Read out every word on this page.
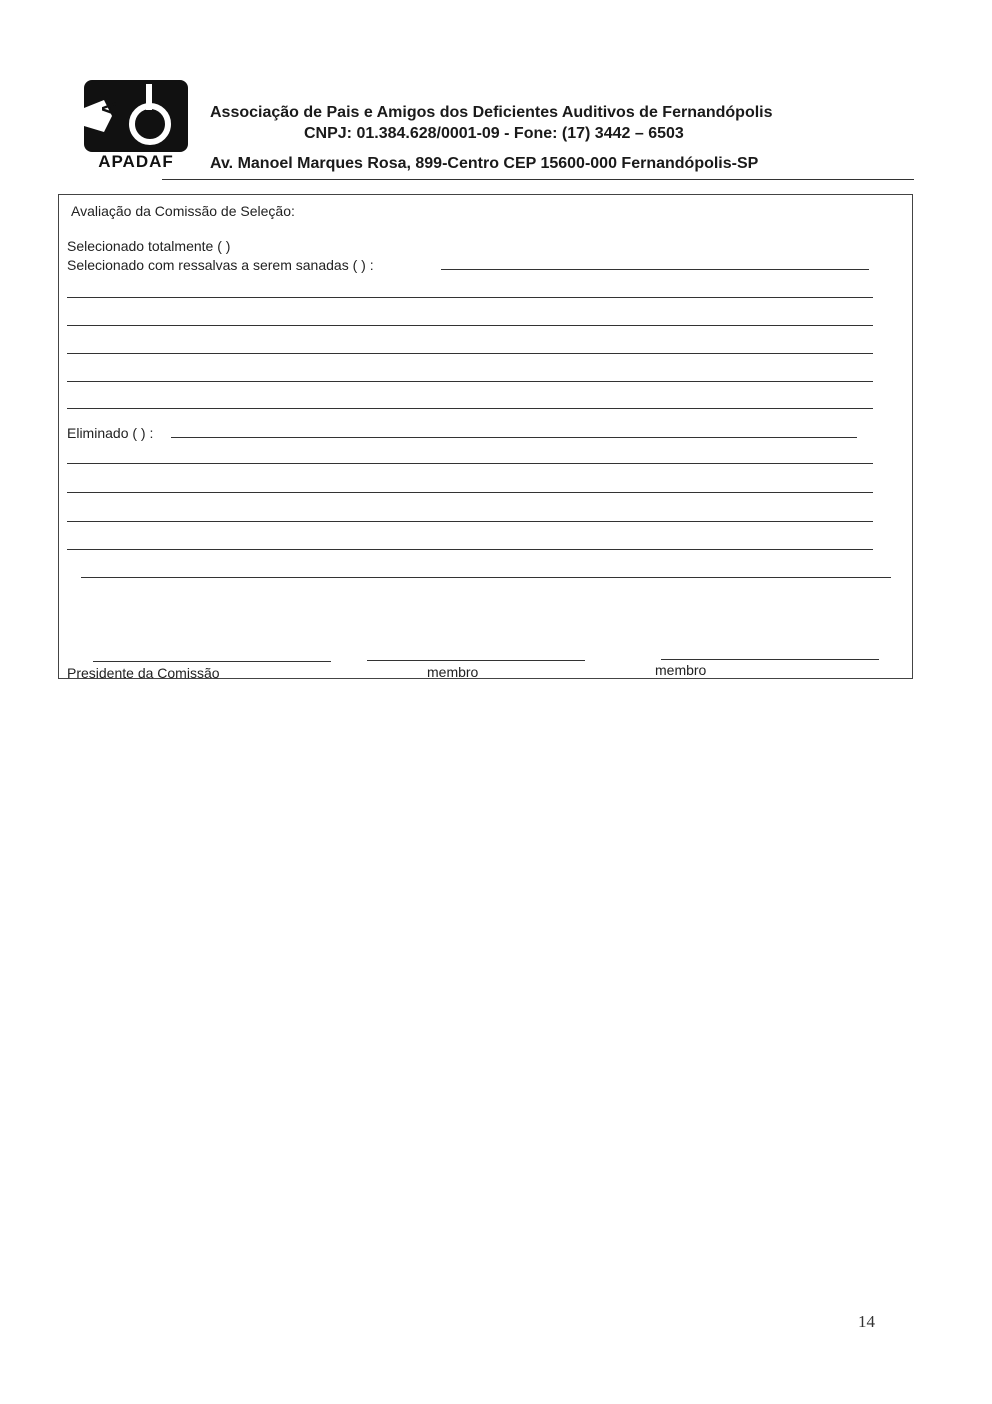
A
APADAF
Associação de Pais e Amigos dos Deficientes Auditivos de Fernandópolis
CNPJ: 01.384.628/0001-09 - Fone: (17) 3442 – 6503
Av. Manoel Marques Rosa, 899-Centro CEP 15600-000 Fernandópolis-SP
Avaliação da Comissão de Seleção:
Selecionado totalmente ( )
Selecionado com ressalvas a serem sanadas ( ) :
Eliminado ( ) :
Presidente da Comissão	membro	membro
14
